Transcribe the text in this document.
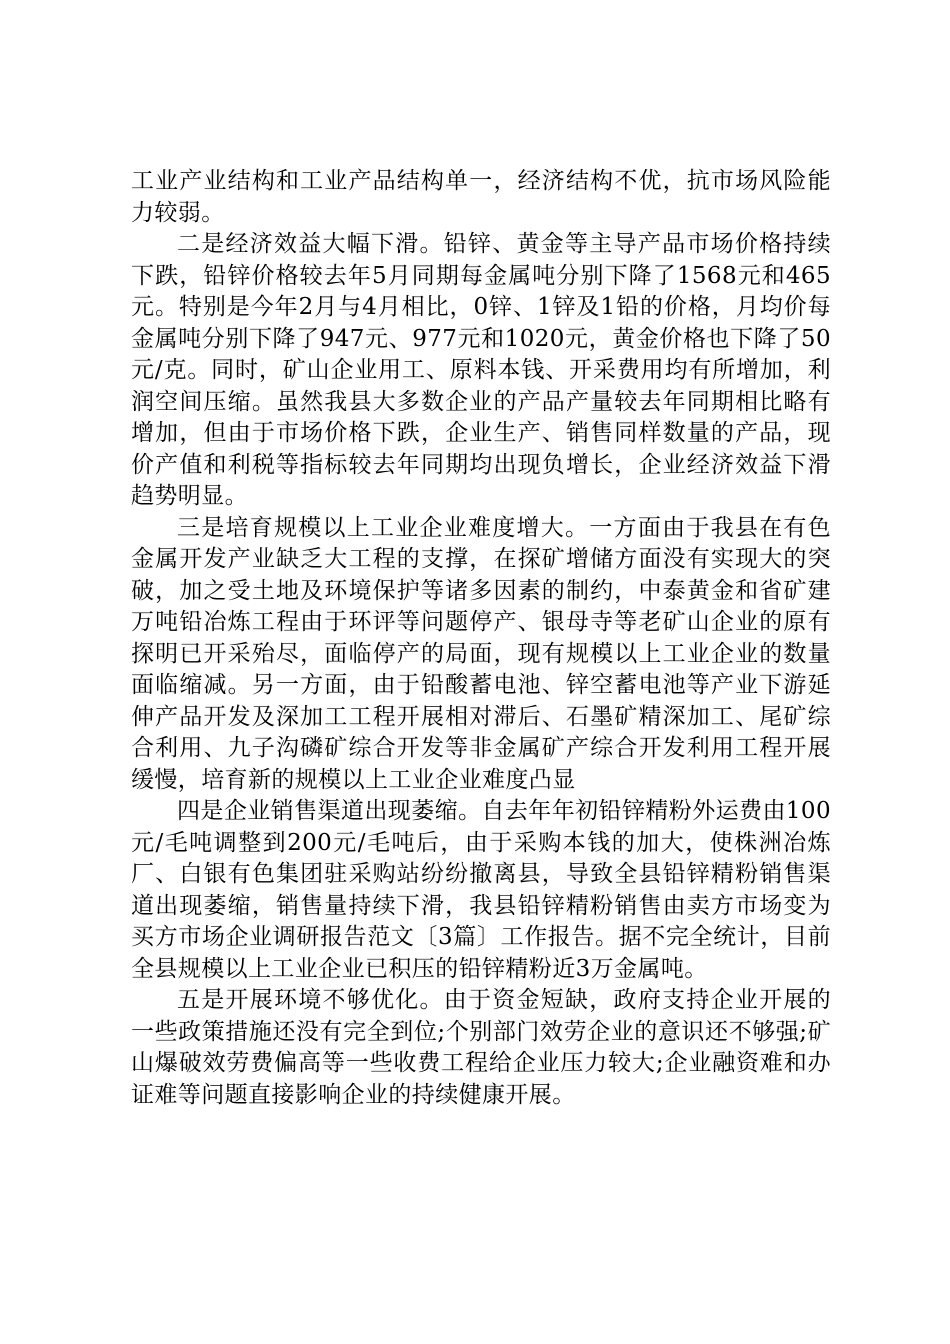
工业产业结构和工业产品结构单一，经济结构不优，抗市场风险能力较弱。

二是经济效益大幅下滑。铅锌、黄金等主导产品市场价格持续下跌，铅锌价格较去年5月同期每金属吨分别下降了1568元和465元。特别是今年2月与4月相比，0锌、1锌及1铅的价格，月均价每金属吨分别下降了947元、977元和1020元，黄金价格也下降了50元/克。同时，矿山企业用工、原料本钱、开采费用均有所增加，利润空间压缩。虽然我县大多数企业的产品产量较去年同期相比略有增加，但由于市场价格下跌，企业生产、销售同样数量的产品，现价产值和利税等指标较去年同期均出现负增长，企业经济效益下滑趋势明显。

三是培育规模以上工业企业难度增大。一方面由于我县在有色金属开发产业缺乏大工程的支撑，在探矿增储方面没有实现大的突破，加之受土地及环境保护等诸多因素的制约，中泰黄金和省矿建万吨铅冶炼工程由于环评等问题停产、银母寺等老矿山企业的原有探明已开采殆尽，面临停产的局面，现有规模以上工业企业的数量面临缩减。另一方面，由于铅酸蓄电池、锌空蓄电池等产业下游延伸产品开发及深加工工程开展相对滞后、石墨矿精深加工、尾矿综合利用、九子沟磷矿综合开发等非金属矿产综合开发利用工程开展缓慢，培育新的规模以上工业企业难度凸显

四是企业销售渠道出现萎缩。自去年年初铅锌精粉外运费由100元/毛吨调整到200元/毛吨后，由于采购本钱的加大，使株洲冶炼厂、白银有色集团驻采购站纷纷撤离县，导致全县铅锌精粉销售渠道出现萎缩，销售量持续下滑，我县铅锌精粉销售由卖方市场变为买方市场企业调研报告范文〔3篇〕工作报告。据不完全统计，目前全县规模以上工业企业已积压的铅锌精粉近3万金属吨。

五是开展环境不够优化。由于资金短缺，政府支持企业开展的一些政策措施还没有完全到位;个别部门效劳企业的意识还不够强;矿山爆破效劳费偏高等一些收费工程给企业压力较大;企业融资难和办证难等问题直接影响企业的持续健康开展。
